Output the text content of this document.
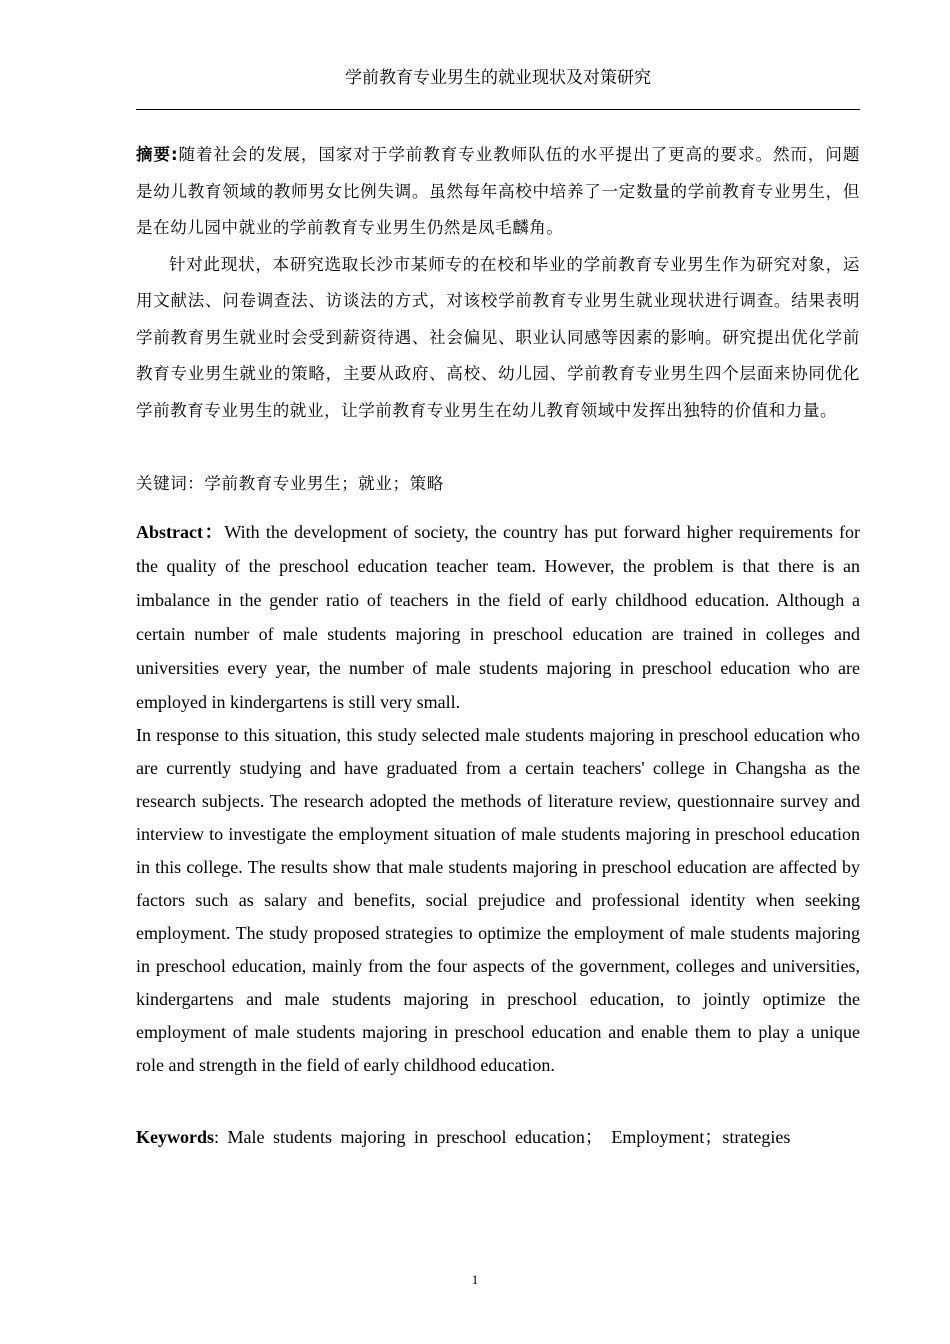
学前教育专业男生的就业现状及对策研究

摘要:随着社会的发展，国家对于学前教育专业教师队伍的水平提出了更高的要求。然而，问题是幼儿教育领域的教师男女比例失调。虽然每年高校中培养了一定数量的学前教育专业男生，但是在幼儿园中就业的学前教育专业男生仍然是凤毛麟角。

针对此现状，本研究选取长沙市某师专的在校和毕业的学前教育专业男生作为研究对象，运用文献法、问卷调查法、访谈法的方式，对该校学前教育专业男生就业现状进行调查。结果表明学前教育男生就业时会受到薪资待遇、社会偏见、职业认同感等因素的影响。研究提出优化学前教育专业男生就业的策略，主要从政府、高校、幼儿园、学前教育专业男生四个层面来协同优化学前教育专业男生的就业，让学前教育专业男生在幼儿教育领域中发挥出独特的价值和力量。

关键词：学前教育专业男生；就业；策略

Abstract：With the development of society, the country has put forward higher requirements for the quality of the preschool education teacher team. However, the problem is that there is an imbalance in the gender ratio of teachers in the field of early childhood education. Although a certain number of male students majoring in preschool education are trained in colleges and universities every year, the number of male students majoring in preschool education who are employed in kindergartens is still very small.

In response to this situation, this study selected male students majoring in preschool education who are currently studying and have graduated from a certain teachers' college in Changsha as the research subjects. The research adopted the methods of literature review, questionnaire survey and interview to investigate the employment situation of male students majoring in preschool education in this college. The results show that male students majoring in preschool education are affected by factors such as salary and benefits, social prejudice and professional identity when seeking employment. The study proposed strategies to optimize the employment of male students majoring in preschool education, mainly from the four aspects of the government, colleges and universities, kindergartens and male students majoring in preschool education, to jointly optimize the employment of male students majoring in preschool education and enable them to play a unique role and strength in the field of early childhood education.

Keywords: Male students majoring in preschool education； Employment；strategies
1
